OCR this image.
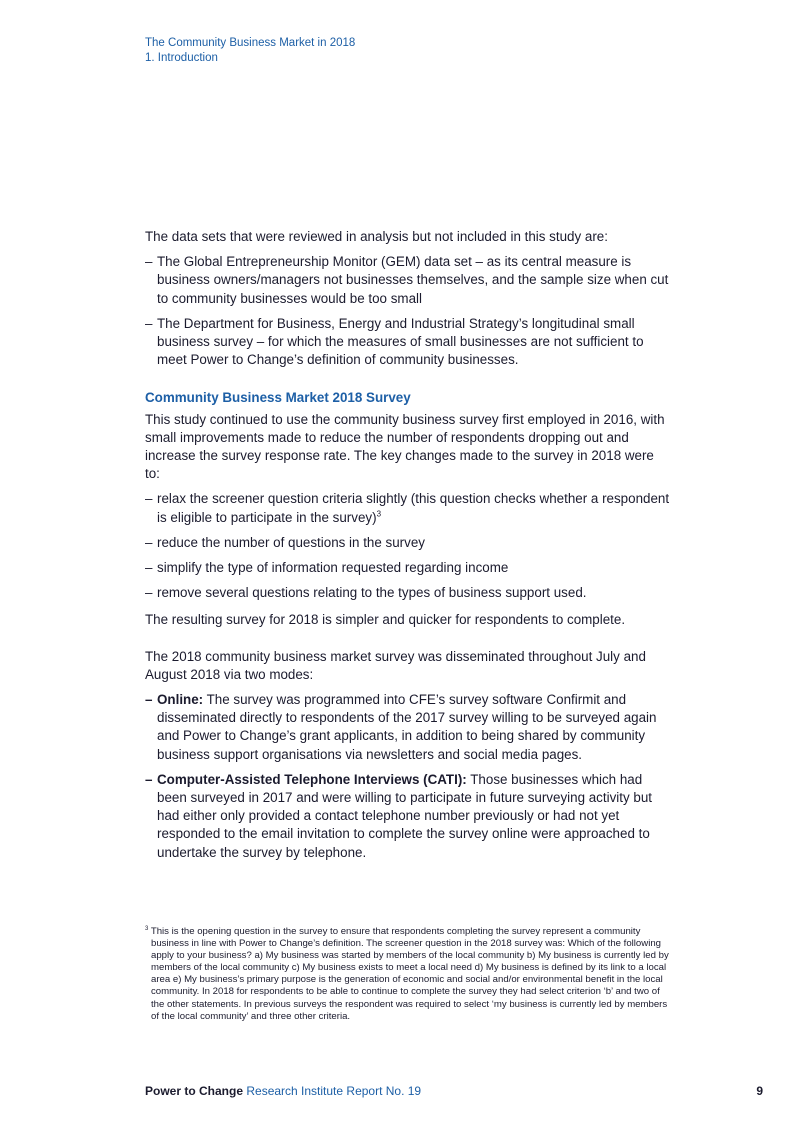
The Community Business Market in 2018
1. Introduction

The data sets that were reviewed in analysis but not included in this study are:

– The Global Entrepreneurship Monitor (GEM) data set – as its central measure is business owners/managers not businesses themselves, and the sample size when cut to community businesses would be too small
– The Department for Business, Energy and Industrial Strategy’s longitudinal small business survey – for which the measures of small businesses are not sufficient to meet Power to Change’s definition of community businesses.

Community Business Market 2018 Survey

This study continued to use the community business survey first employed in 2016, with small improvements made to reduce the number of respondents dropping out and increase the survey response rate. The key changes made to the survey in 2018 were to:

– relax the screener question criteria slightly (this question checks whether a respondent is eligible to participate in the survey)$^3$
– reduce the number of questions in the survey
– simplify the type of information requested regarding income
– remove several questions relating to the types of business support used.

The resulting survey for 2018 is simpler and quicker for respondents to complete.

The 2018 community business market survey was disseminated throughout July and August 2018 via two modes:

– Online: The survey was programmed into CFE’s survey software Confirmit and disseminated directly to respondents of the 2017 survey willing to be surveyed again and Power to Change’s grant applicants, in addition to being shared by community business support organisations via newsletters and social media pages.
– Computer-Assisted Telephone Interviews (CATI): Those businesses which had been surveyed in 2017 and were willing to participate in future surveying activity but had either only provided a contact telephone number previously or had not yet responded to the email invitation to complete the survey online were approached to undertake the survey by telephone.

$^3$ This is the opening question in the survey to ensure that respondents completing the survey represent a community business in line with Power to Change’s definition. The screener question in the 2018 survey was: Which of the following apply to your business? a) My business was started by members of the local community b) My business is currently led by members of the local community c) My business exists to meet a local need d) My business is defined by its link to a local area e) My business’s primary purpose is the generation of economic and social and/or environmental benefit in the local community. In 2018 for respondents to be able to continue to complete the survey they had select criterion ‘b’ and two of the other statements. In previous surveys the respondent was required to select ‘my business is currently led by members of the local community’ and three other criteria.

Power to Change Research Institute Report No. 19	9
